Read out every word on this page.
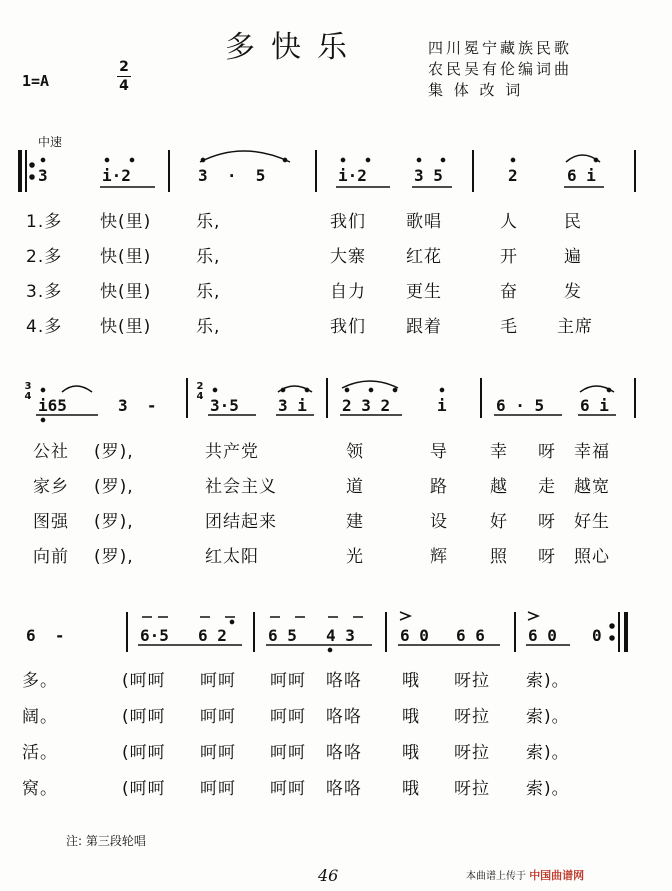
多快乐	四川冕宁藏族民歌
农民吴有伦编词曲
集 体 改 词
1=A
2
4
中速
3	i·2	3  ·  5	i·2	3 5	2	6 i
1.多 快(里)	乐,	我们 歌唱	人	民
2.多 快(里)	乐,	大寨 红花	开	遍
3.多 快(里)	乐,	自力 更生	奋	发
4.多 快(里)	乐,	我们 跟着	毛 主席
3
4
2
4
i65	3  -	3·5 3 i 2 3 2	i	6 · 5 6 i
公社 (罗),	共产党	领	导 幸 呀 幸福
家乡 (罗),	社会主义	道	路 越 走 越宽
图强 (罗),	团结起来	建	设 好 呀 好生
向前 (罗),	红太阳	光	辉 照 呀 照心
6  -	6·5 6 2	6 5 4 3	6 0 6 6	6 0 0
多。	(呵呵 呵呵 呵呵 咯咯 哦 呀拉 索)。
阔。	(呵呵 呵呵 呵呵 咯咯 哦 呀拉 索)。
活。	(呵呵 呵呵 呵呵 咯咯 哦 呀拉 索)。
窝。	(呵呵 呵呵 呵呵 咯咯 哦 呀拉 索)。
注: 第三段轮唱
46	本曲谱上传于 中国曲谱网
